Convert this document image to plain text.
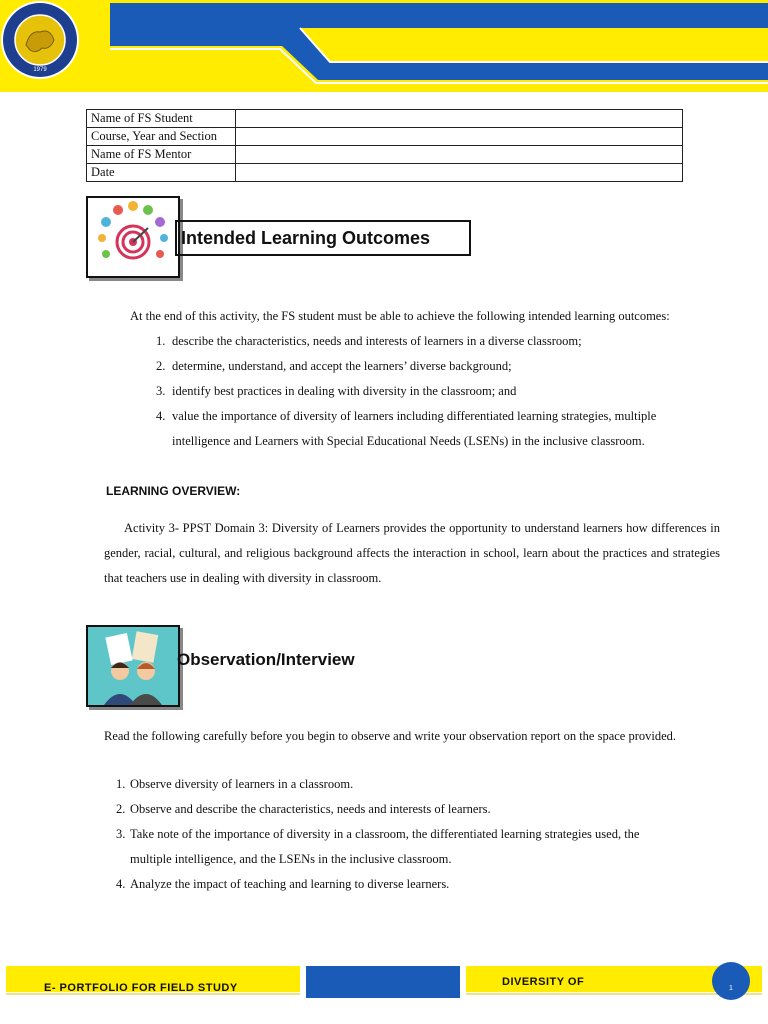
1979
Name of FS Student	
Course, Year and Section	
Name of FS Mentor	
Date	
Intended Learning Outcomes
At the end of this activity, the FS student must be able to achieve the following intended learning outcomes:
1. describe the characteristics, needs and interests of learners in a diverse classroom;
2. determine, understand, and accept the learners’ diverse background;
3. identify best practices in dealing with diversity in the classroom; and
4. value the importance of diversity of learners including differentiated learning strategies, multiple intelligence and Learners with Special Educational Needs (LSENs) in the inclusive classroom.
LEARNING OVERVIEW:
Activity 3- PPST Domain 3: Diversity of Learners provides the opportunity to understand learners how differences in gender, racial, cultural, and religious background affects the interaction in school, learn about the practices and strategies that teachers use in dealing with diversity in classroom.
Observation/Interview
Read the following carefully before you begin to observe and write your observation report on the space provided.
1. Observe diversity of learners in a classroom.
2. Observe and describe the characteristics, needs and interests of learners.
3. Take note of the importance of diversity in a classroom, the differentiated learning strategies used, the multiple intelligence, and the LSENs in the inclusive classroom.
4. Analyze the impact of teaching and learning to diverse learners.
E- PORTFOLIO FOR FIELD STUDY	DIVERSITY OF
1
